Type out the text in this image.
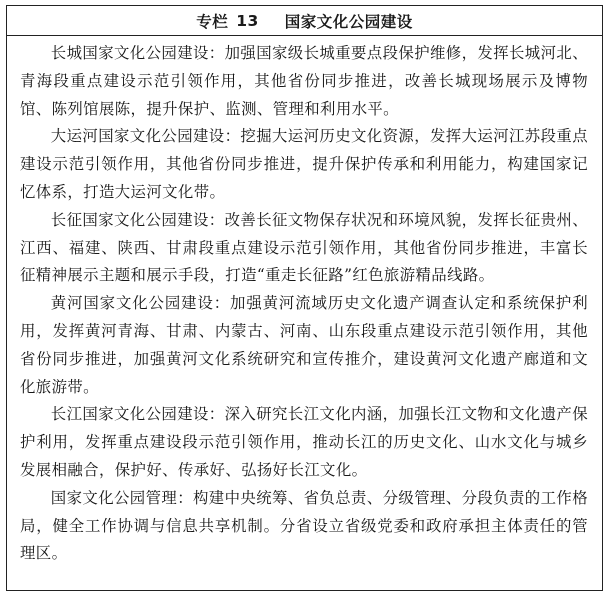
专栏 13 国家文化公园建设

长城国家文化公园建设：加强国家级长城重要点段保护维修，发挥长城河北、青海段重点建设示范引领作用，其他省份同步推进，改善长城现场展示及博物馆、陈列馆展陈，提升保护、监测、管理和利用水平。

大运河国家文化公园建设：挖掘大运河历史文化资源，发挥大运河江苏段重点建设示范引领作用，其他省份同步推进，提升保护传承和利用能力，构建国家记忆体系，打造大运河文化带。

长征国家文化公园建设：改善长征文物保存状况和环境风貌，发挥长征贵州、江西、福建、陕西、甘肃段重点建设示范引领作用，其他省份同步推进，丰富长征精神展示主题和展示手段，打造“重走长征路”红色旅游精品线路。

黄河国家文化公园建设：加强黄河流域历史文化遗产调查认定和系统保护利用，发挥黄河青海、甘肃、内蒙古、河南、山东段重点建设示范引领作用，其他省份同步推进，加强黄河文化系统研究和宣传推介，建设黄河文化遗产廊道和文化旅游带。

长江国家文化公园建设：深入研究长江文化内涵，加强长江文物和文化遗产保护利用，发挥重点建设段示范引领作用，推动长江的历史文化、山水文化与城乡发展相融合，保护好、传承好、弘扬好长江文化。

国家文化公园管理：构建中央统筹、省负总责、分级管理、分段负责的工作格局，健全工作协调与信息共享机制。分省设立省级党委和政府承担主体责任的管理区。
